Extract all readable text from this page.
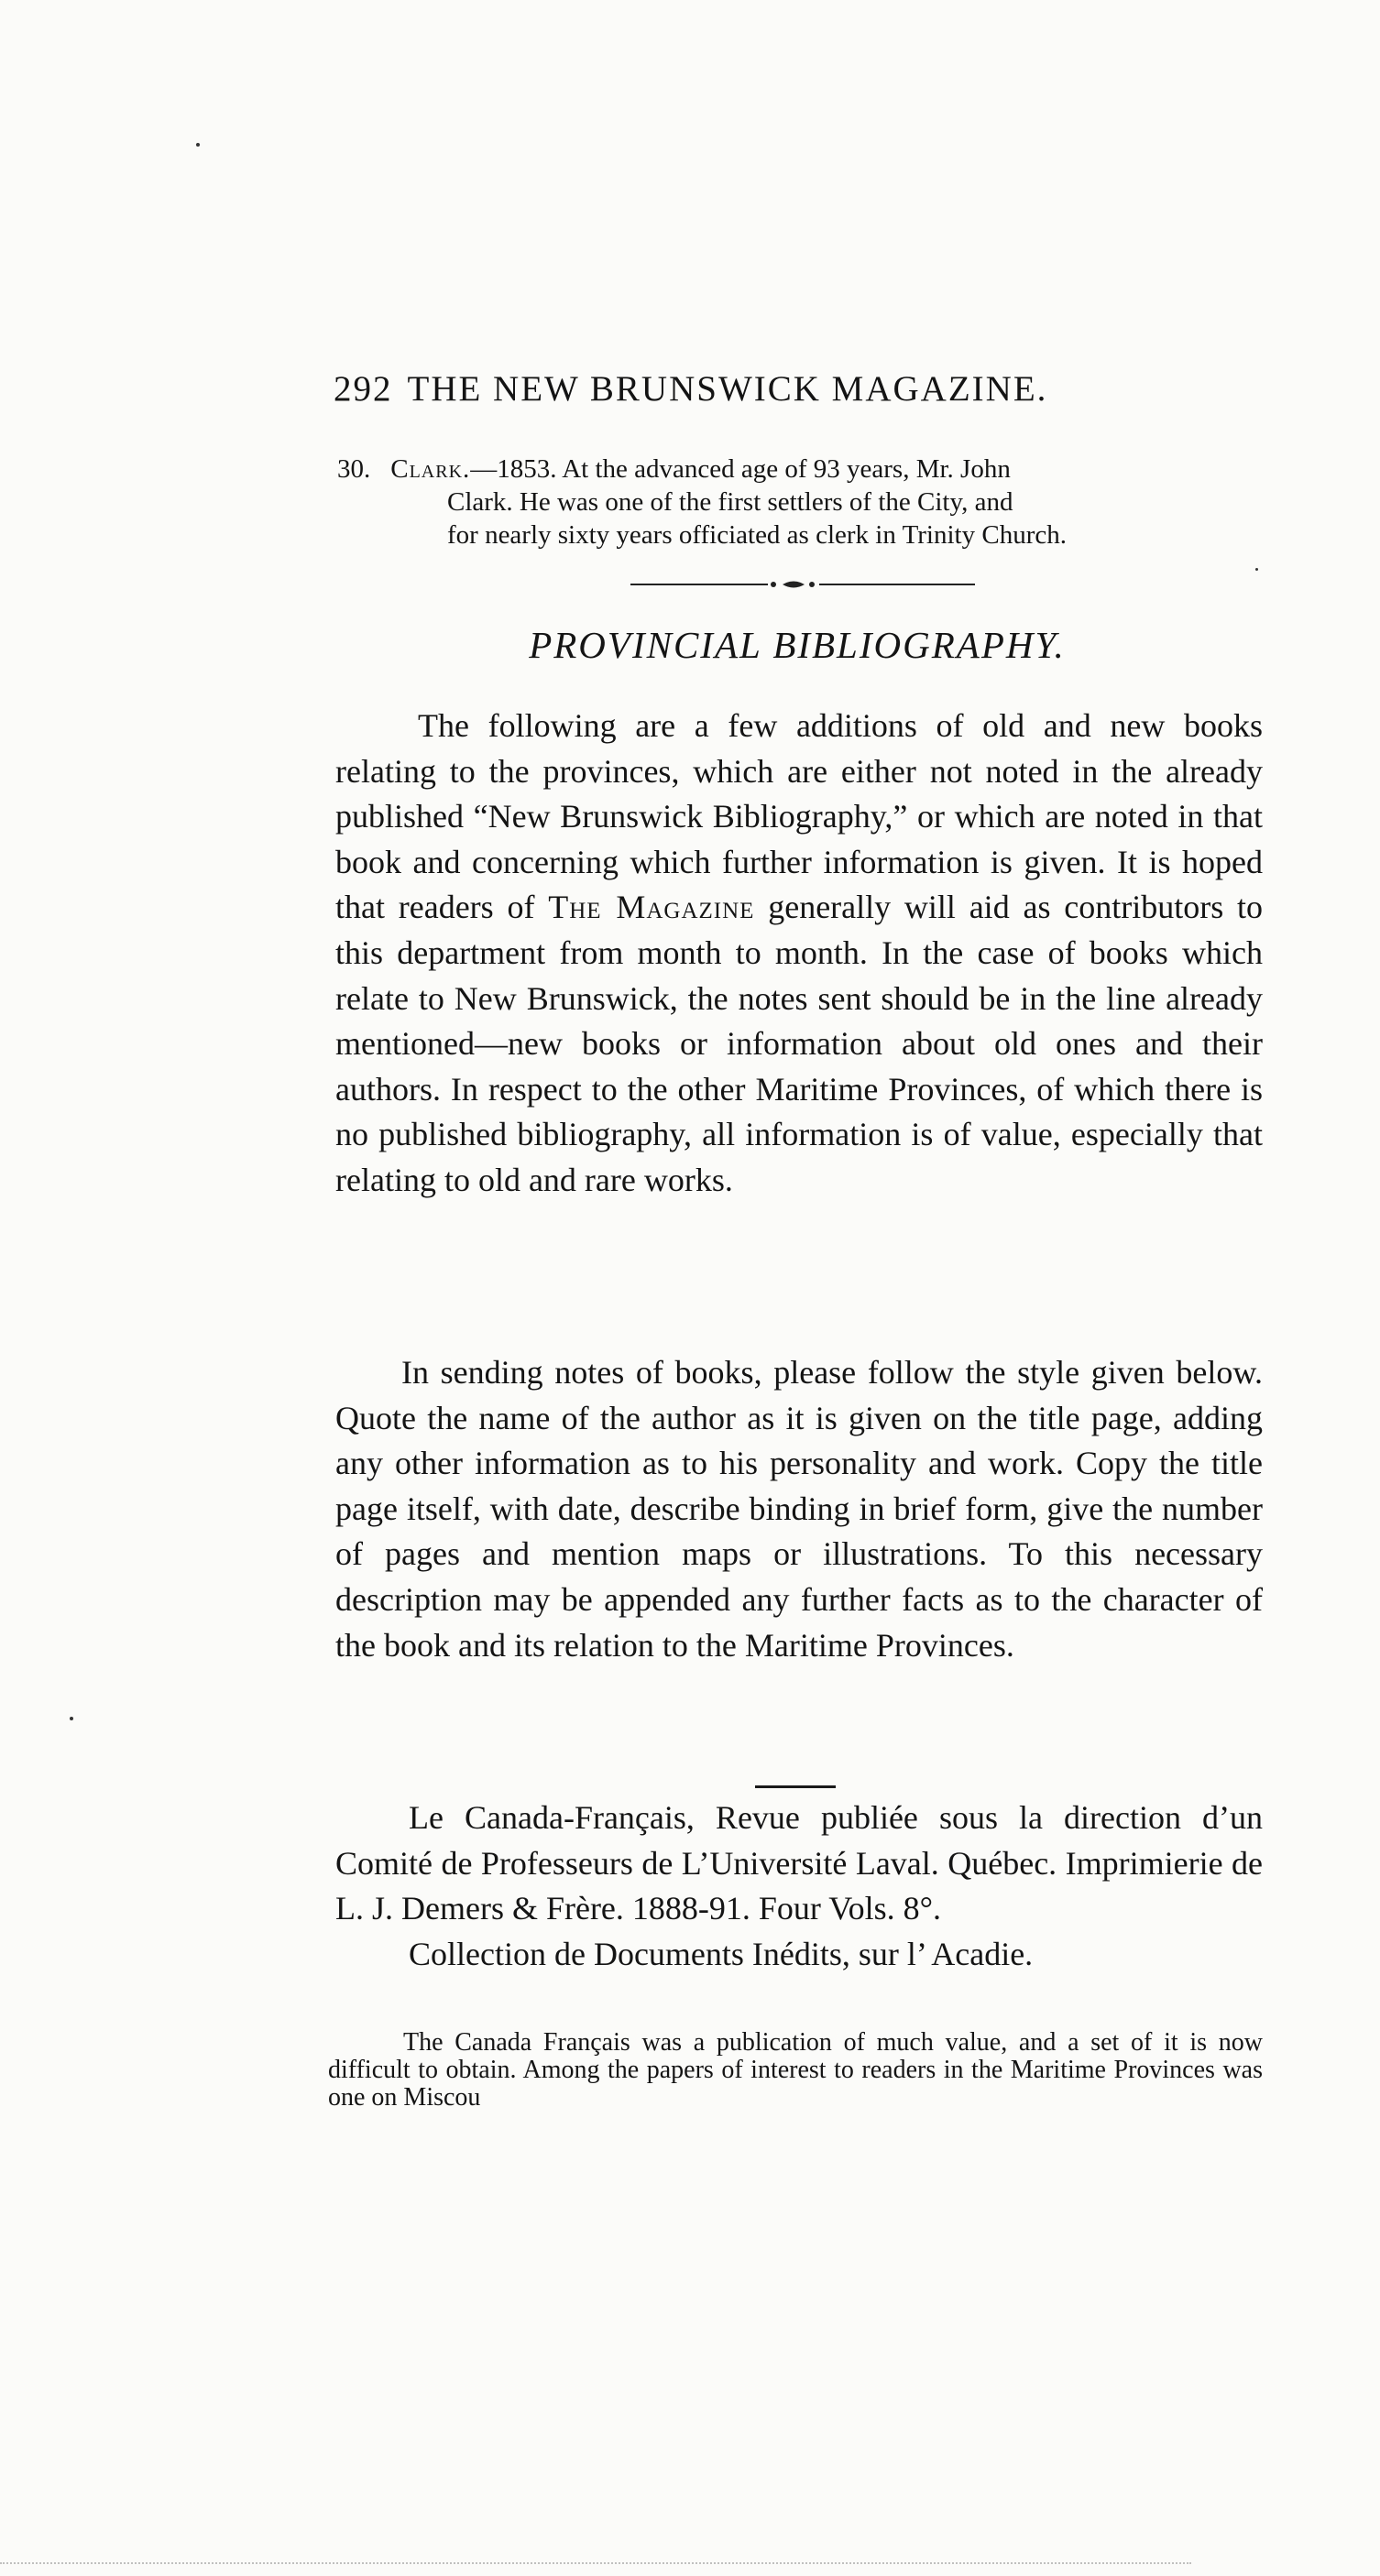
292 THE NEW BRUNSWICK MAGAZINE.
30. Clark.—1853. At the advanced age of 93 years, Mr. John
Clark. He was one of the first settlers of the City, and
for nearly sixty years officiated as clerk in Trinity Church.
PROVINCIAL BIBLIOGRAPHY.
The following are a few additions of old and new books relating to the provinces, which are either not noted in the already published “New Brunswick Bibliography,” or which are noted in that book and concerning which further information is given. It is hoped that readers of The Magazine generally will aid as contributors to this department from month to month. In the case of books which relate to New Brunswick, the notes sent should be in the line already mentioned—new books or information about old ones and their authors. In respect to the other Maritime Provinces, of which there is no published bibliography, all information is of value, especially that relating to old and rare works.
In sending notes of books, please follow the style given below. Quote the name of the author as it is given on the title page, adding any other information as to his personality and work. Copy the title page itself, with date, describe binding in brief form, give the number of pages and mention maps or illustrations. To this necessary description may be appended any further facts as to the character of the book and its relation to the Maritime Provinces.
Le Canada-Français, Revue publiée sous la direction d’un Comité de Professeurs de L’Université Laval. Québec. Imprimierie de L. J. Demers & Frère. 1888-91. Four Vols. 8°.
Collection de Documents Inédits, sur l’ Acadie.
The Canada Français was a publication of much value, and a set of it is now difficult to obtain. Among the papers of interest to readers in the Maritime Provinces was one on Miscou
